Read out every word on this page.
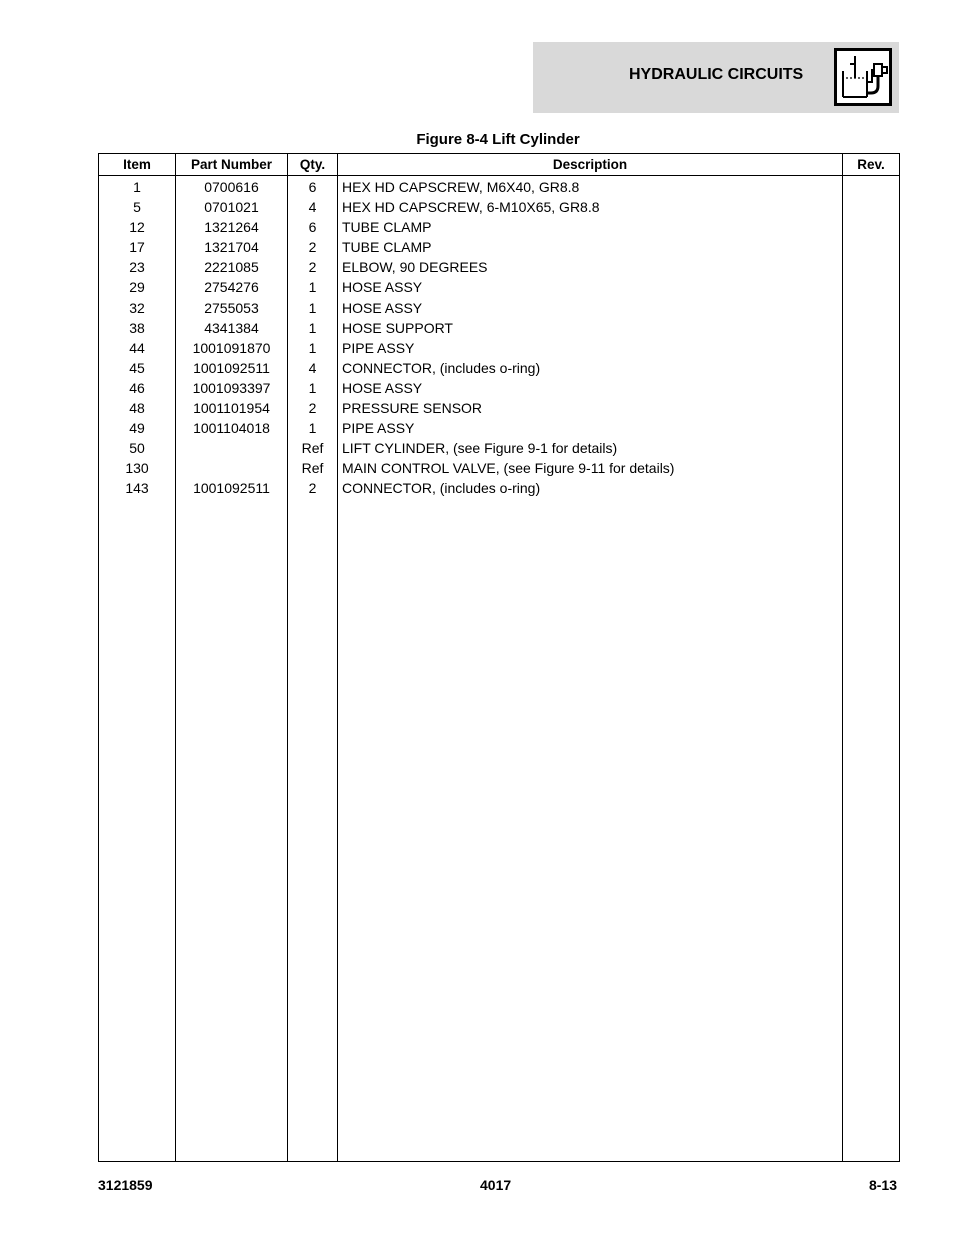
HYDRAULIC CIRCUITS
Figure 8-4 Lift Cylinder
Item	Part Number	Qty.	Description	Rev.
1	0700616	6	HEX HD CAPSCREW, M6X40, GR8.8	
5	0701021	4	HEX HD CAPSCREW, 6-M10X65, GR8.8	
12	1321264	6	TUBE CLAMP	
17	1321704	2	TUBE CLAMP	
23	2221085	2	ELBOW, 90 DEGREES	
29	2754276	1	HOSE ASSY	
32	2755053	1	HOSE ASSY	
38	4341384	1	HOSE SUPPORT	
44	1001091870	1	PIPE ASSY	
45	1001092511	4	CONNECTOR, (includes o-ring)	
46	1001093397	1	HOSE ASSY	
48	1001101954	2	PRESSURE SENSOR	
49	1001104018	1	PIPE ASSY	
50		Ref	LIFT CYLINDER, (see Figure 9-1 for details)	
130		Ref	MAIN CONTROL VALVE, (see Figure 9-11 for details)	
143	1001092511	2	CONNECTOR, (includes o-ring)	

3121859	4017	8-13
